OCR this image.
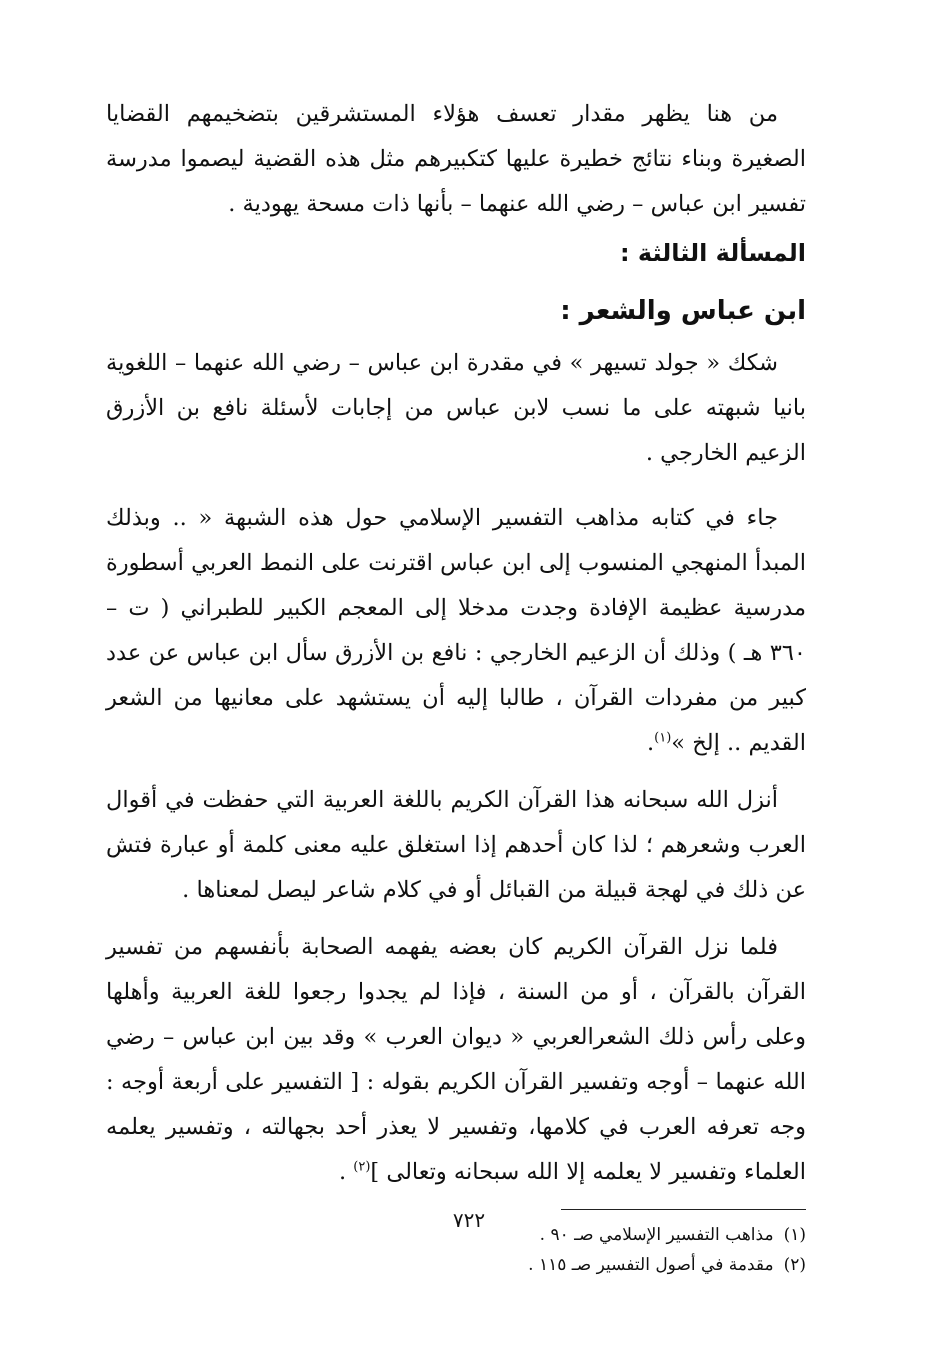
من هنا يظهر مقدار تعسف هؤلاء المستشرقين بتضخيمهم القضايا الصغيرة وبناء نتائج خطيرة عليها كتكبيرهم مثل هذه القضية ليصموا مدرسة تفسير ابن عباس – رضي الله عنهما – بأنها ذات مسحة يهودية .

المسألة الثالثة :

ابن عباس والشعر :

شكك « جولد تسيهر » في مقدرة ابن عباس – رضي الله عنهما – اللغوية بانيا شبهته على ما نسب لابن عباس من إجابات لأسئلة نافع بن الأزرق الزعيم الخارجي .

جاء في كتابه مذاهب التفسير الإسلامي حول هذه الشبهة « .. وبذلك المبدأ المنهجي المنسوب إلى ابن عباس اقترنت على النمط العربي أسطورة مدرسية عظيمة الإفادة وجدت مدخلا إلى المعجم الكبير للطبراني ( ت – ٣٦٠ هـ ) وذلك أن الزعيم الخارجي : نافع بن الأزرق سأل ابن عباس عن عدد كبير من مفردات القرآن ، طالبا إليه أن يستشهد على معانيها من الشعر القديم .. إلخ »$^{(١)}$.

أنزل الله سبحانه هذا القرآن الكريم باللغة العربية التي حفظت في أقوال العرب وشعرهم ؛ لذا كان أحدهم إذا استغلق عليه معنى كلمة أو عبارة فتش عن ذلك في لهجة قبيلة من القبائل أو في كلام شاعر ليصل لمعناها .

فلما نزل القرآن الكريم كان بعضه يفهمه الصحابة بأنفسهم من تفسير القرآن بالقرآن ، أو من السنة ، فإذا لم يجدوا رجعوا للغة العربية وأهلها وعلى رأس ذلك الشعرالعربي « ديوان العرب » وقد بين ابن عباس – رضي الله عنهما – أوجه وتفسير القرآن الكريم بقوله : [ التفسير على أربعة أوجه : وجه تعرفه العرب في كلامها، وتفسير لا يعذر أحد بجهالته ، وتفسير يعلمه العلماء وتفسير لا يعلمه إلا الله سبحانه وتعالى ]$^{(٢)}$ .

(١)مذاهب التفسير الإسلامي صـ ٩٠ .

(٢)مقدمة في أصول التفسير صـ ١١٥ .

٧٢٢
